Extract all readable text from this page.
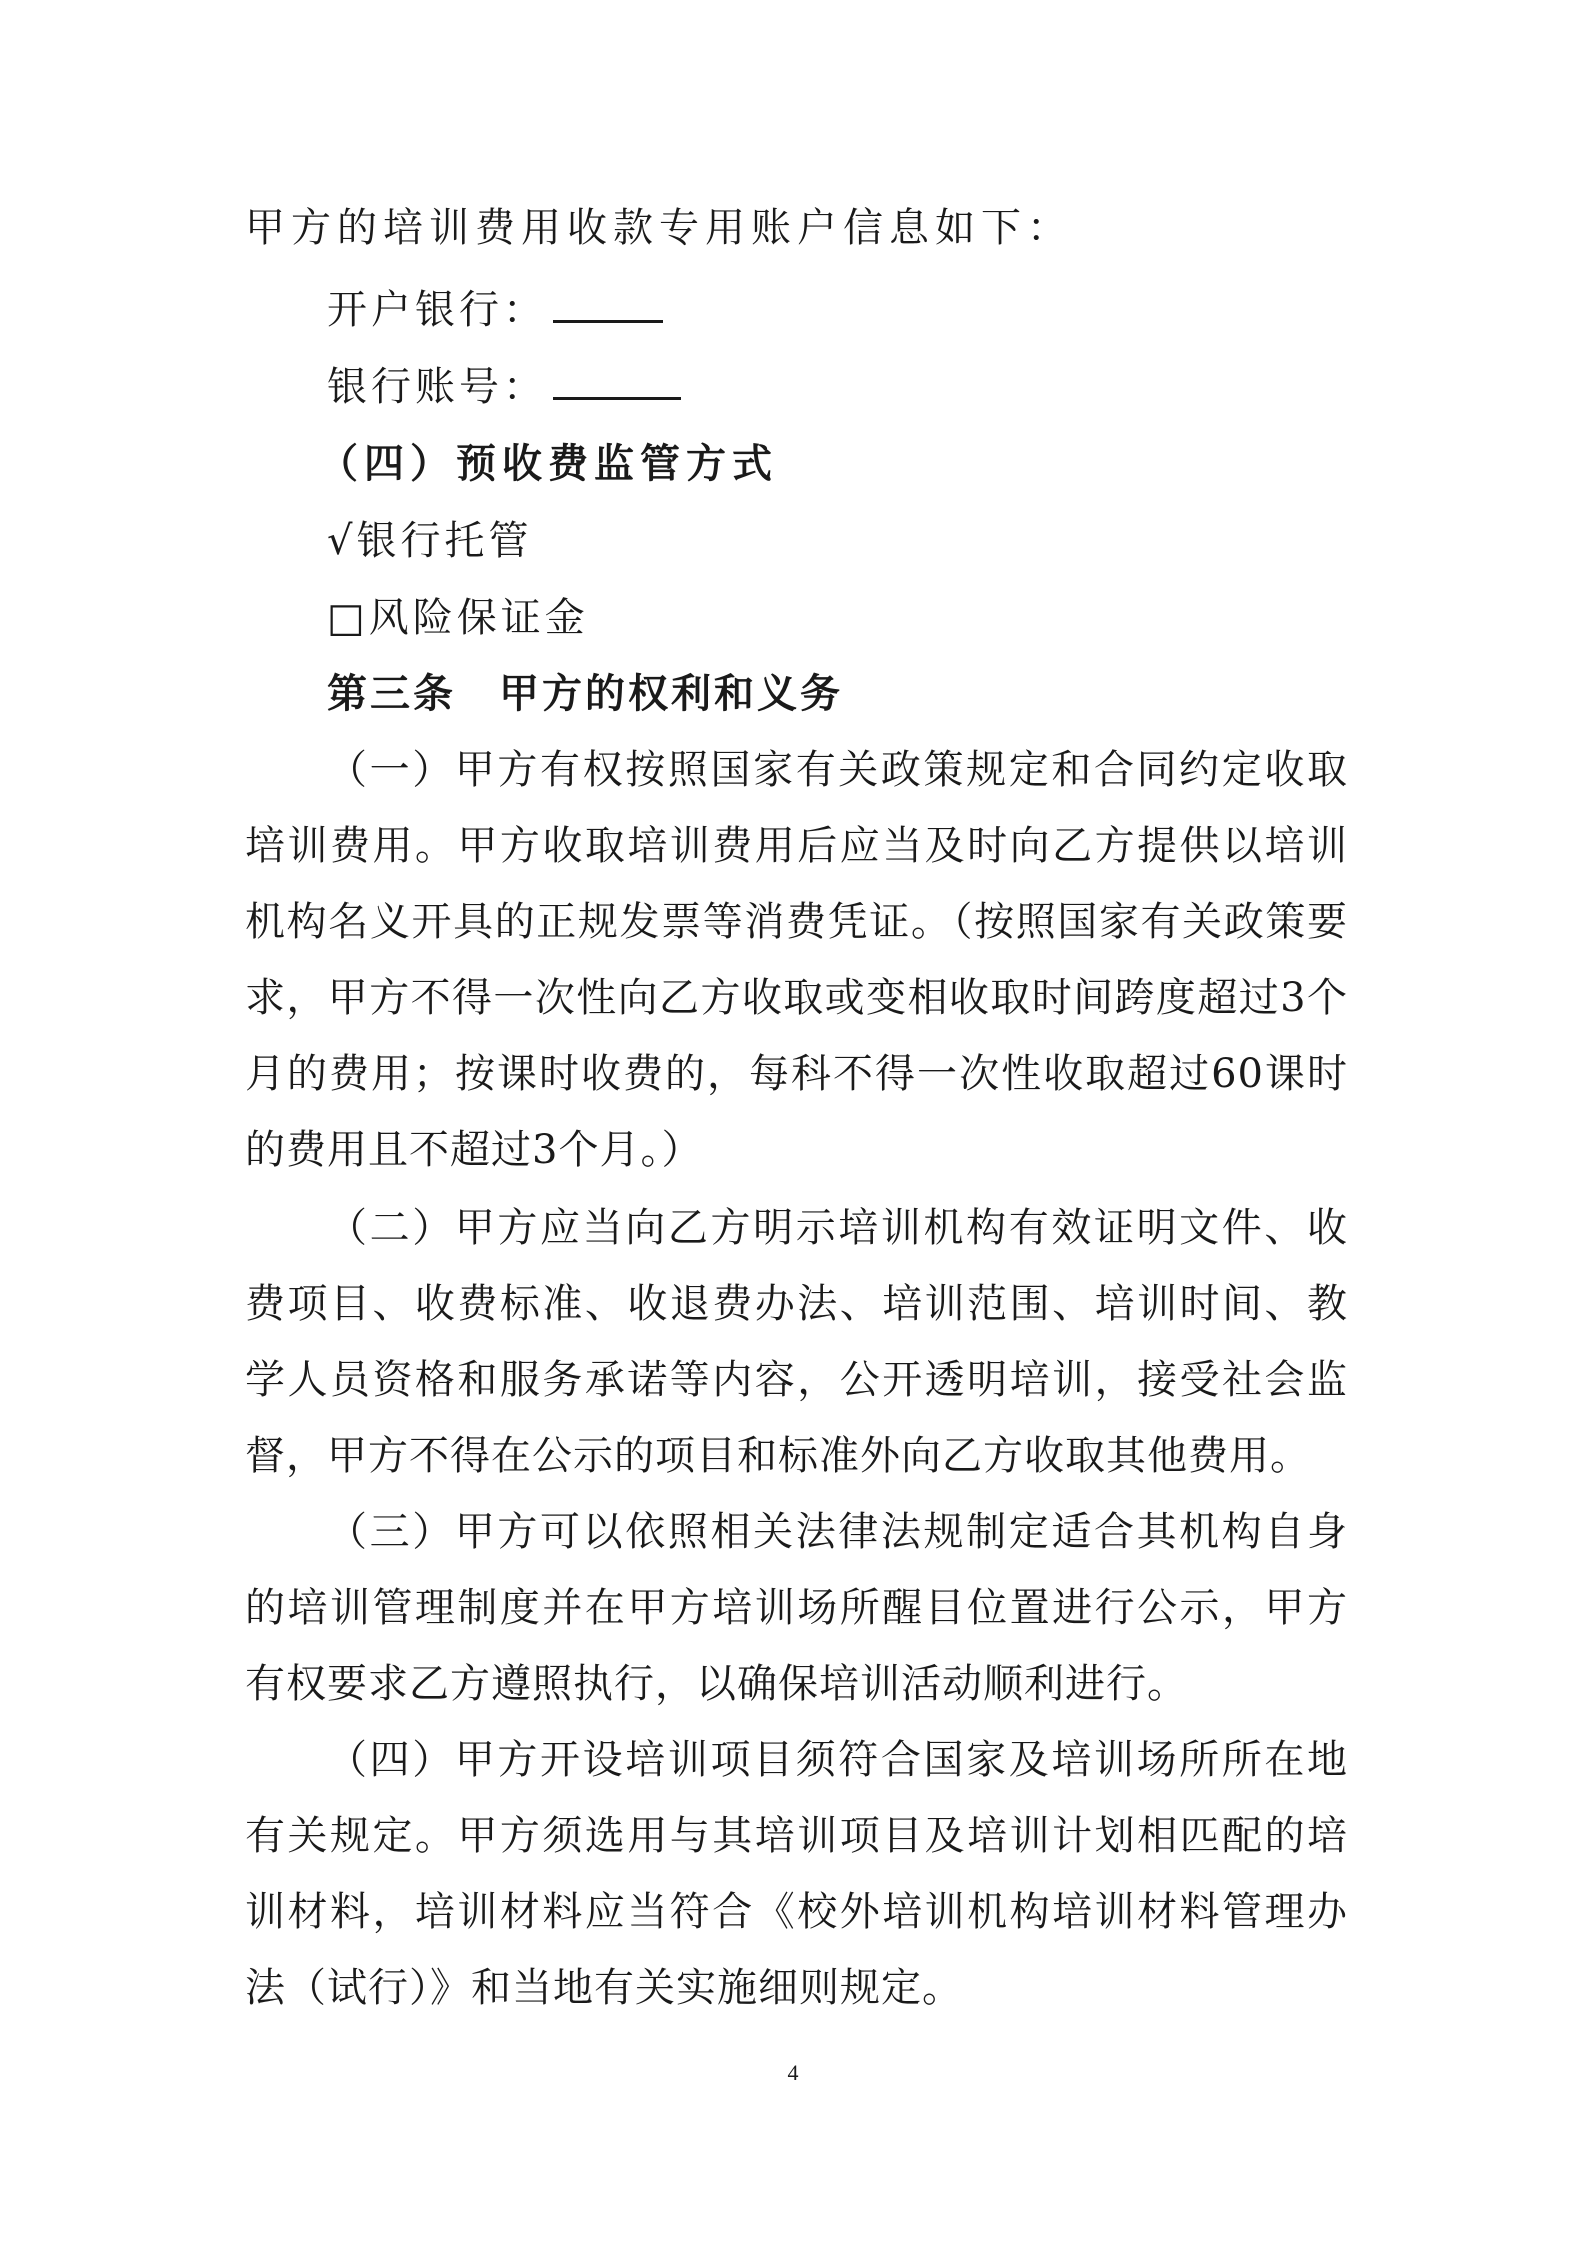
甲方的培训费用收款专用账户信息如下：
开户银行：
银行账号：
（四）预收费监管方式
√银行托管
□风险保证金
第三条　甲方的权利和义务
（一）甲方有权按照国家有关政策规定和合同约定收取培训费用。甲方收取培训费用后应当及时向乙方提供以培训机构名义开具的正规发票等消费凭证。（按照国家有关政策要求，甲方不得一次性向乙方收取或变相收取时间跨度超过3个月的费用；按课时收费的，每科不得一次性收取超过60课时的费用且不超过3个月。）
（二）甲方应当向乙方明示培训机构有效证明文件、收费项目、收费标准、收退费办法、培训范围、培训时间、教学人员资格和服务承诺等内容，公开透明培训，接受社会监督，甲方不得在公示的项目和标准外向乙方收取其他费用。
（三）甲方可以依照相关法律法规制定适合其机构自身的培训管理制度并在甲方培训场所醒目位置进行公示，甲方有权要求乙方遵照执行，以确保培训活动顺利进行。
（四）甲方开设培训项目须符合国家及培训场所所在地有关规定。甲方须选用与其培训项目及培训计划相匹配的培训材料，培训材料应当符合《校外培训机构培训材料管理办法（试行）》和当地有关实施细则规定。
4
